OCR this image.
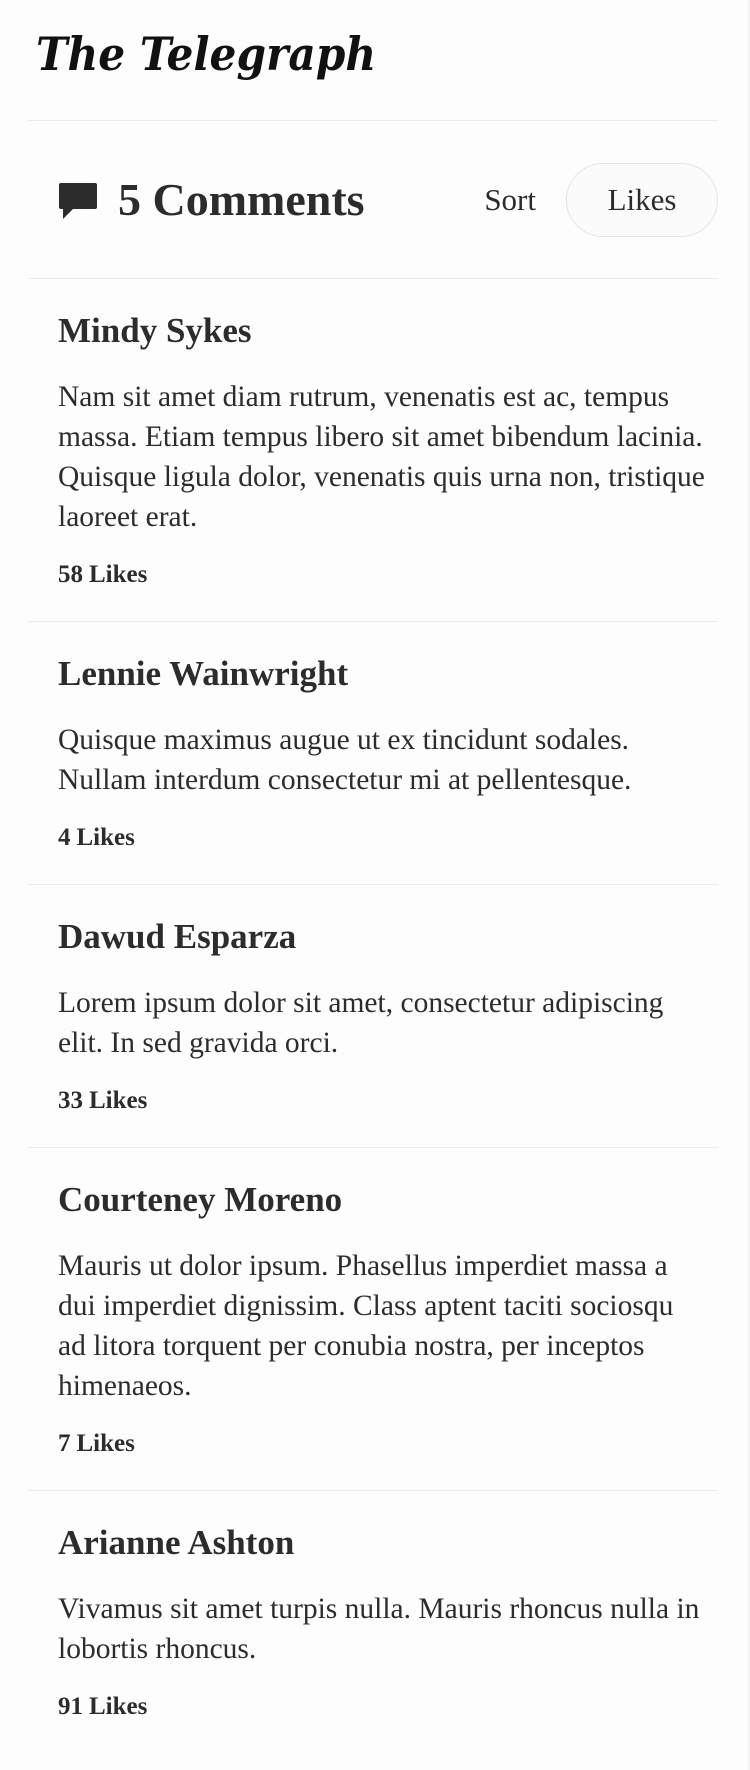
The Telegraph
5 Comments	Sort	Likes
Mindy Sykes

Nam sit amet diam rutrum, venenatis est ac, tempus massa. Etiam tempus libero sit amet bibendum lacinia. Quisque ligula dolor, venenatis quis urna non, tristique laoreet erat.

58 Likes
Lennie Wainwright

Quisque maximus augue ut ex tincidunt sodales. Nullam interdum consectetur mi at pellentesque.

4 Likes
Dawud Esparza

Lorem ipsum dolor sit amet, consectetur adipiscing elit. In sed gravida orci.

33 Likes
Courteney Moreno

Mauris ut dolor ipsum. Phasellus imperdiet massa a dui imperdiet dignissim. Class aptent taciti sociosqu ad litora torquent per conubia nostra, per inceptos himenaeos.

7 Likes
Arianne Ashton

Vivamus sit amet turpis nulla. Mauris rhoncus nulla in lobortis rhoncus.

91 Likes
